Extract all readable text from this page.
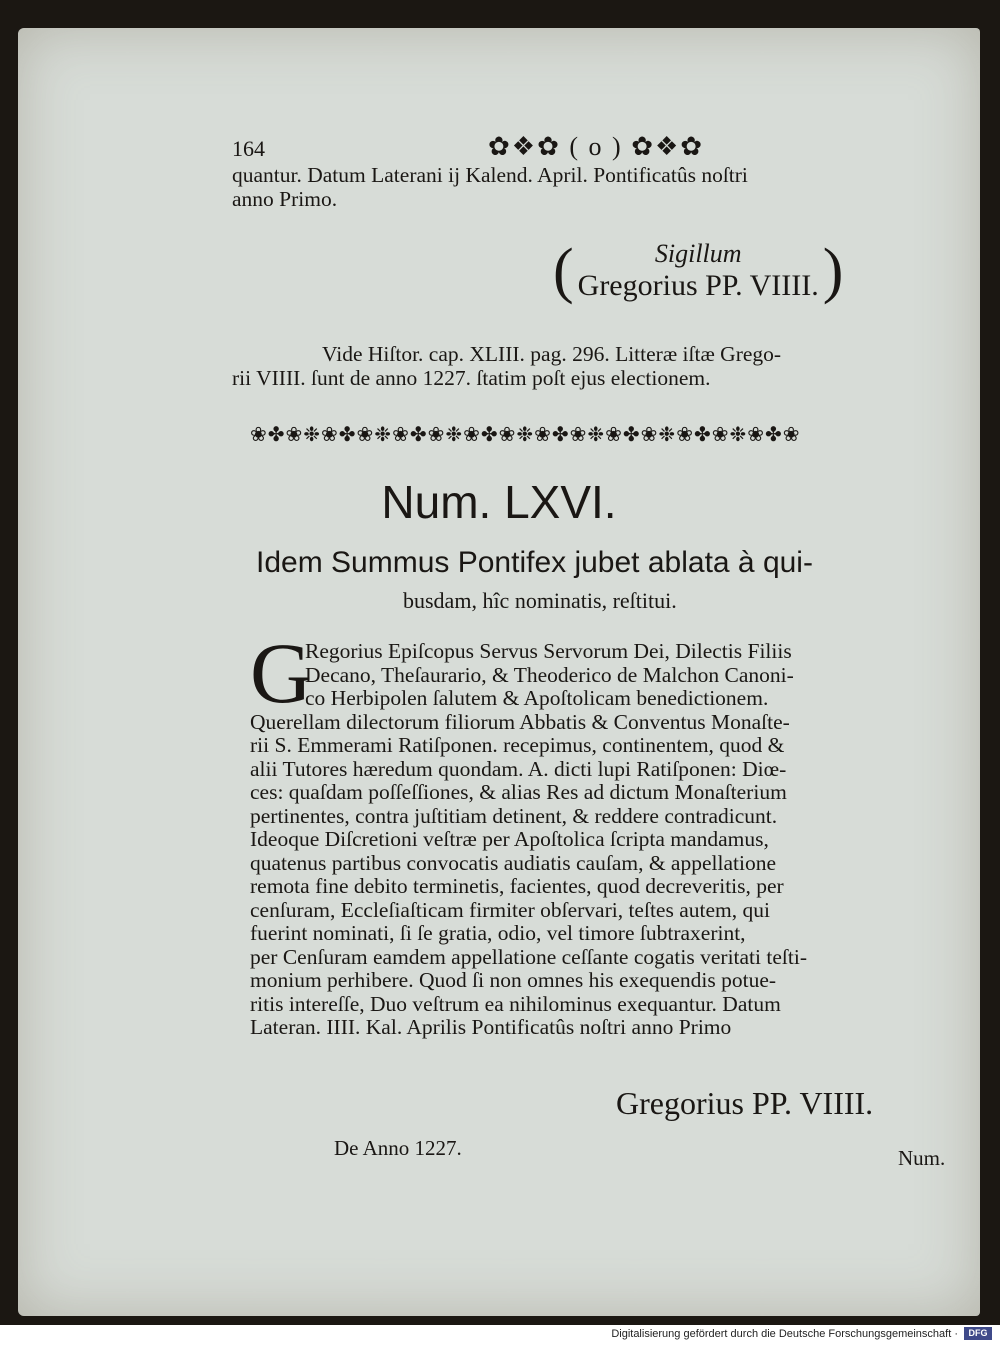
164	✿❖✿ ( o ) ✿❖✿
quantur. Datum Laterani ij Kalend. April. Pontificatûs noſtri
anno Primo.
(	Sigillum
Gregorius PP. VIIII. )
Vide Hiſtor. cap. XLIII. pag. 296. Litteræ iſtæ Grego-
rii VIIII. ſunt de anno 1227. ſtatim poſt ejus electionem.
❀✤❀❉❀✤❀❉❀✤❀❉❀✤❀❉❀✤❀❉❀✤❀❉❀✤❀❉❀✤❀
Num. LXVI.
Idem Summus Pontifex jubet ablata à qui-
busdam, hîc nominatis, reſtitui.
G

Regorius Epiſcopus Servus Servorum Dei, Dilectis Filiis

Decano, Theſaurario, & Theoderico de Malchon Canoni-

co Herbipolen ſalutem & Apoſtolicam benedictionem.

Querellam dilectorum filiorum Abbatis & Conventus Monaſte-

rii S. Emmerami Ratiſponen. recepimus, continentem, quod &

alii Tutores hæredum quondam. A. dicti lupi Ratiſponen: Diœ-

ces: quaſdam poſſeſſiones, & alias Res ad dictum Monaſterium

pertinentes, contra juſtitiam detinent, & reddere contradicunt.

Ideoque Diſcretioni veſtræ per Apoſtolica ſcripta mandamus,

quatenus partibus convocatis audiatis cauſam, & appellatione

remota fine debito terminetis, facientes, quod decreveritis, per

cenſuram, Eccleſiaſticam firmiter obſervari, teſtes autem, qui

fuerint nominati, ſi ſe gratia, odio, vel timore ſubtraxerint,

per Cenſuram eamdem appellatione ceſſante cogatis veritati teſti-

monium perhibere. Quod ſi non omnes his exequendis potue-

ritis intereſſe, Duo veſtrum ea nihilominus exequantur. Datum

Lateran. IIII. Kal. Aprilis Pontificatûs noſtri anno Primo

Gregorius PP. VIIII.
De Anno 1227.	Num.
Digitalisierung gefördert durch die Deutsche Forschungsgemeinschaft ·	DFG
